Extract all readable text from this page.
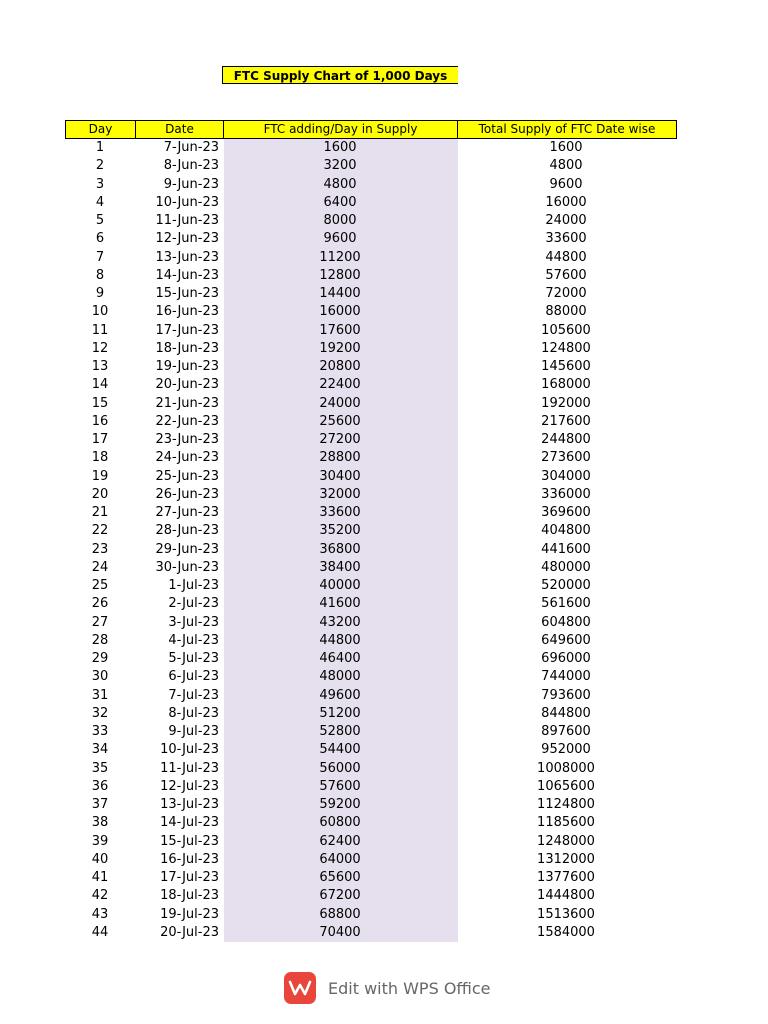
FTC Supply Chart of 1,000 Days
Day	Date	FTC adding/Day in Supply	Total Supply of FTC Date wise
1	7-Jun-23	1600	1600
2	8-Jun-23	3200	4800
3	9-Jun-23	4800	9600
4	10-Jun-23	6400	16000
5	11-Jun-23	8000	24000
6	12-Jun-23	9600	33600
7	13-Jun-23	11200	44800
8	14-Jun-23	12800	57600
9	15-Jun-23	14400	72000
10	16-Jun-23	16000	88000
11	17-Jun-23	17600	105600
12	18-Jun-23	19200	124800
13	19-Jun-23	20800	145600
14	20-Jun-23	22400	168000
15	21-Jun-23	24000	192000
16	22-Jun-23	25600	217600
17	23-Jun-23	27200	244800
18	24-Jun-23	28800	273600
19	25-Jun-23	30400	304000
20	26-Jun-23	32000	336000
21	27-Jun-23	33600	369600
22	28-Jun-23	35200	404800
23	29-Jun-23	36800	441600
24	30-Jun-23	38400	480000
25	1-Jul-23	40000	520000
26	2-Jul-23	41600	561600
27	3-Jul-23	43200	604800
28	4-Jul-23	44800	649600
29	5-Jul-23	46400	696000
30	6-Jul-23	48000	744000
31	7-Jul-23	49600	793600
32	8-Jul-23	51200	844800
33	9-Jul-23	52800	897600
34	10-Jul-23	54400	952000
35	11-Jul-23	56000	1008000
36	12-Jul-23	57600	1065600
37	13-Jul-23	59200	1124800
38	14-Jul-23	60800	1185600
39	15-Jul-23	62400	1248000
40	16-Jul-23	64000	1312000
41	17-Jul-23	65600	1377600
42	18-Jul-23	67200	1444800
43	19-Jul-23	68800	1513600
44	20-Jul-23	70400	1584000
Edit with WPS Office
